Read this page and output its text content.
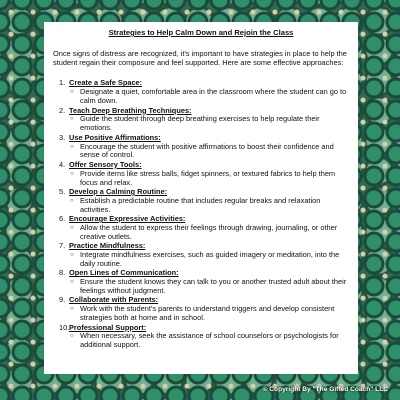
Strategies to Help Calm Down and Rejoin the Class
Once signs of distress are recognized, it's important to have strategies in place to help the student regain their composure and feel supported. Here are some effective approaches:
1. Create a Safe Space:
○ Designate a quiet, comfortable area in the classroom where the student can go to calm down.
2. Teach Deep Breathing Techniques:
○ Guide the student through deep breathing exercises to help regulate their emotions.
3. Use Positive Affirmations:
○ Encourage the student with positive affirmations to boost their confidence and sense of control.
4. Offer Sensory Tools:
○ Provide items like stress balls, fidget spinners, or textured fabrics to help them focus and relax.
5. Develop a Calming Routine:
○ Establish a predictable routine that includes regular breaks and relaxation activities.
6. Encourage Expressive Activities:
○ Allow the student to express their feelings through drawing, journaling, or other creative outlets.
7. Practice Mindfulness:
○ Integrate mindfulness exercises, such as guided imagery or meditation, into the daily routine.
8. Open Lines of Communication:
○ Ensure the student knows they can talk to you or another trusted adult about their feelings without judgment.
9. Collaborate with Parents:
○ Work with the student's parents to understand triggers and develop consistent strategies both at home and in school.
10. Professional Support:
○ When necessary, seek the assistance of school counselors or psychologists for additional support.
© Copyright By "The Gifted Coach" LLC
